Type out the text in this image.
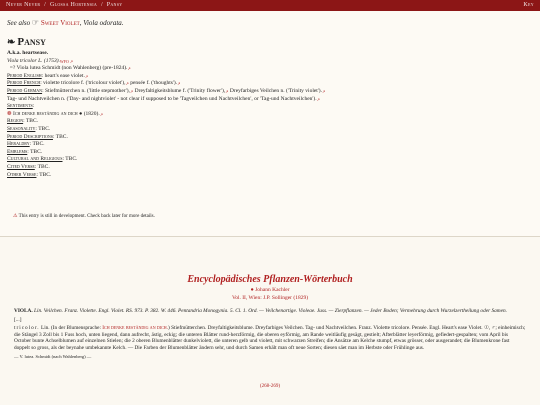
Never Never / Glossa Hortensia / Pansy	Key
See also ☞ Sweet Violet, Viola odorata.
❧ Pansy
A.k.a. heartsease.
Viola tricolor L. (1753).$^{WFO ↗}$
=? Viola lutea Schmidt (non Wahlenberg) (pre-1824).↗
Period English: heart's ease violet.↗
Period French: violette tricolore f. ('tricolour violet'),↗ pensée f. ('thoughts').↗
Period German: Stiefmütterchen n. ('little stepmother'),↗ Dreyfaltigkeitsblume f. ('Trinity flower'),↗ Dreyfarbiges Veilchen n. ('Trinity violet').↗
Tag- und Nachtveilchen n. ('Day- and nightviolet' - not clear if supposed to be 'Tagveilchen und Nachtveilchen', or 'Tag-und Nachtveilchen').↗
Sentiments:
❁ Ich denke beständig an dich ● (1820).↗
Region: TBC.
Seasonality: TBC.
Period Descriptions: TBC.
Heraldry: TBC.
Emblems: TBC.
Cultural and Religious: TBC.
Cited Verse: TBC.
Other Verse: TBC.
⚠ This entry is still in development. Check back later for more details.
Encyclopädisches Pflanzen-Wörterbuch
● Johann Kachler
Vol. II, Wien: J.P. Sollinger (1829)

VIOLA. Lin. Veilchen. Franz. Violette. Engl. Violet. RS. 973. P. 382. W. 446. Pentandria Monogynia. 5. Cl. 1. Ord. — Veilchenartige. Violeae. Juss. — Zierpflanzen. — Jeder Boden; Vermehrung durch Wurzelzertheilung oder Samen.

[...]

tricolor. Lin. (In der Blumensprache: Ich denke beständig an dich.) Stiefmütterchen. Dreyfaltigkeitsblume. Dreyfarbiges Veilchen. Tag- und Nachtveilchen. Franz. Violette tricolore. Pensée. Engl. Heart's ease Violet. ☉, ♂; einheimisch; die Stängel 3 Zoll bis 1 Fuss hoch, unten liegend, dann aufrecht, ästig, eckig; die unteren Blätter rund-herzförmig, die oberen eyförmig, am Rande weitläufig gesägt, gestielt; Afterblätter leyerförmig, gefiedert-gespalten; vom April bis October bunte Achselblumen auf einzelnen Stielen; die 2 oberen Blumenblätter dunkelviolett, die unteren gelb und violett, mit schwarzen Streifen; die Ansätze am Kelche stumpf, etwas grösser, oder ausgerandet; die Blumenkrone fast doppelt so gross, als der beynahe umbekannte Kelch. — Die Farben der Blumenblätter ändern sehr, und durch Samen erhält man oft neue Sorten; diesen säet man im Herbste oder Frühlinge aus.

— V. lutea. Schmidt (nach Wahlenberg) —

(268-269)
